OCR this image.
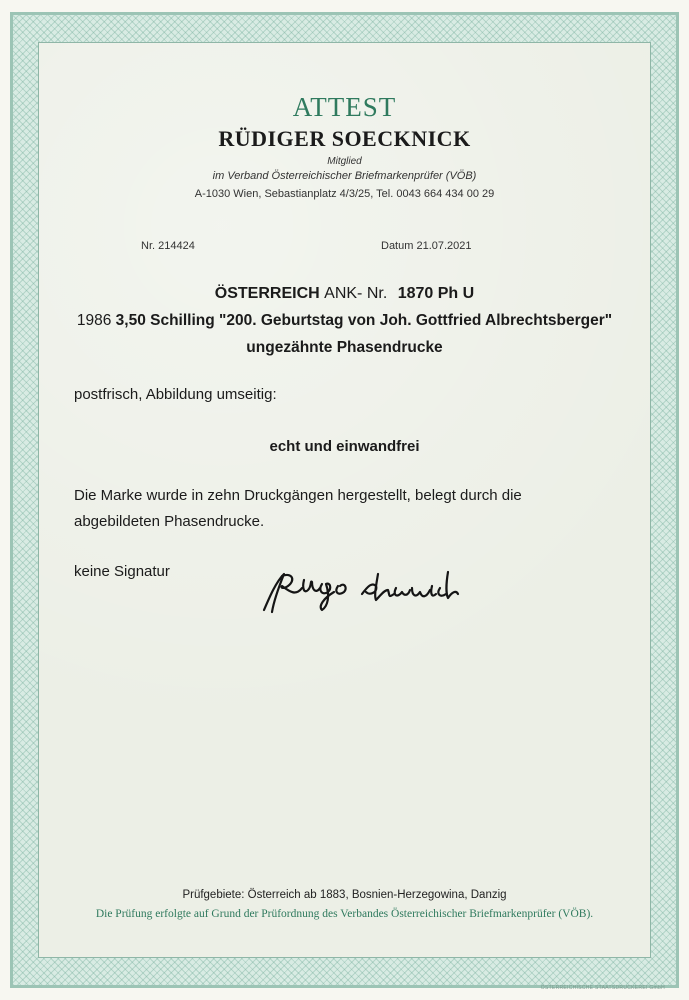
ATTEST

RÜDIGER SOECKNICK

Mitglied

im Verband Österreichischer Briefmarkenprüfer (VÖB)

A-1030 Wien, Sebastianplatz 4/3/25, Tel. 0043 664 434 00 29

Nr. 214424	Datum 21.07.2021

ÖSTERREICH ANK- Nr. 1870 Ph U

1986 3,50 Schilling "200. Geburtstag von Joh. Gottfried Albrechtsberger"

ungezähnte Phasendrucke

postfrisch, Abbildung umseitig:

echt und einwandfrei

Die Marke wurde in zehn Druckgängen hergestellt, belegt durch die

abgebildeten Phasendrucke.

keine Signatur

Prüfgebiete: Österreich ab 1883, Bosnien-Herzegowina, Danzig

Die Prüfung erfolgte auf Grund der Prüfordnung des Verbandes Österreichischer Briefmarkenprüfer (VÖB).

ÖSTERREICHISCHE STAATSDRUCKEREI GmbH
